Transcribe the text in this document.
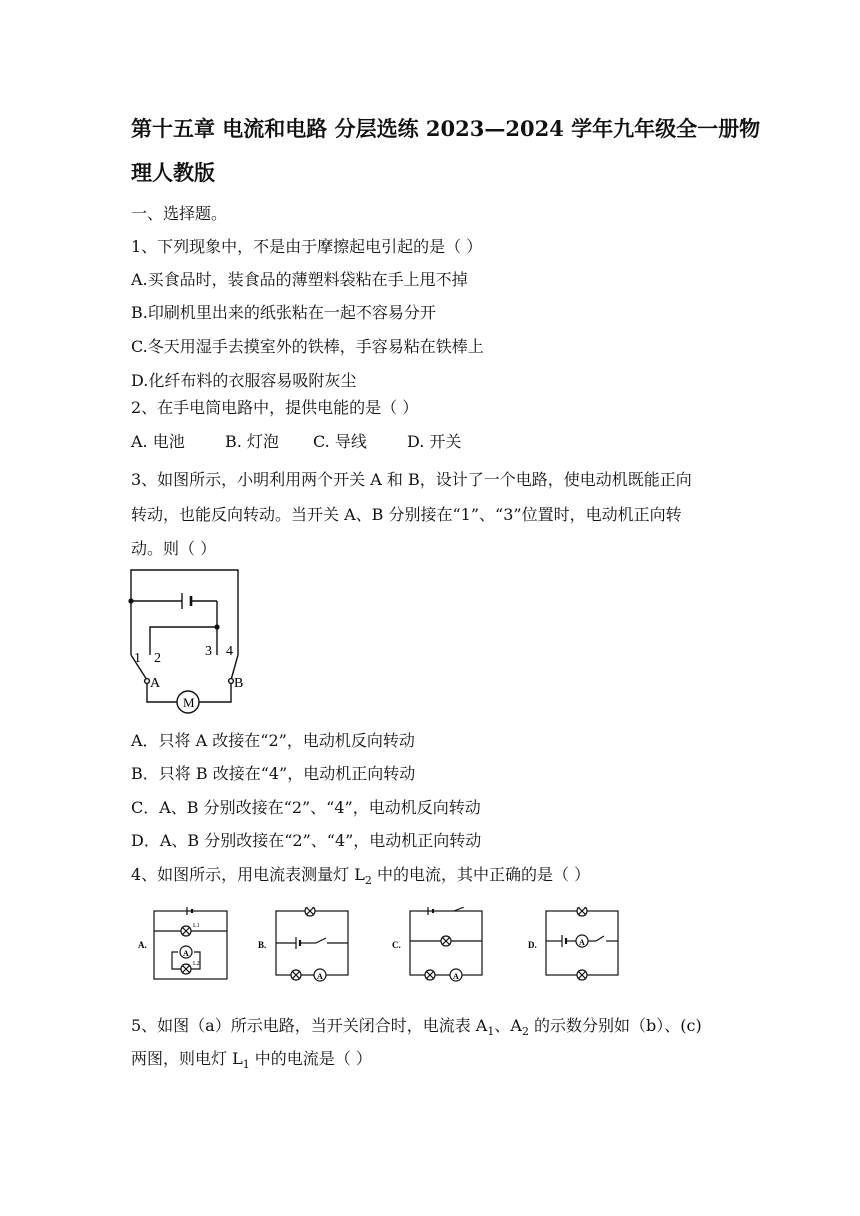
第十五章 电流和电路 分层选练 2023—2024 学年九年级全一册物
理人教版
一、选择题。
1、下列现象中，不是由于摩擦起电引起的是（ ）
A.买食品时，装食品的薄塑料袋粘在手上甩不掉
B.印刷机里出来的纸张粘在一起不容易分开
C.冬天用湿手去摸室外的铁棒，手容易粘在铁棒上
D.化纤布料的衣服容易吸附灰尘
2、在手电筒电路中，提供电能的是（ ）
A. 电池	B. 灯泡 C. 导线	D. 开关
3、如图所示，小明利用两个开关 A 和 B，设计了一个电路，使电动机既能正向
转动，也能反向转动。当开关 A、B 分别接在“1”、“3”位置时，电动机正向转
动。则（ ）
1 2	3 4
A	B
M
A．只将 A 改接在“2”，电动机反向转动
B．只将 B 改接在“4”，电动机正向转动
C．A、B 分别改接在“2”、“4”，电动机反向转动
D．A、B 分别改接在“2”、“4”，电动机正向转动
4、如图所示，用电流表测量灯 $L_2$ 中的电流，其中正确的是（ ）
A.
A
L1
L2
B.
A
C.
A
D.	A
5、如图（a）所示电路，当开关闭合时，电流表 $A_1$、$A_2$ 的示数分别如（b）、(c)
两图，则电灯 $L_1$ 中的电流是（ ）
